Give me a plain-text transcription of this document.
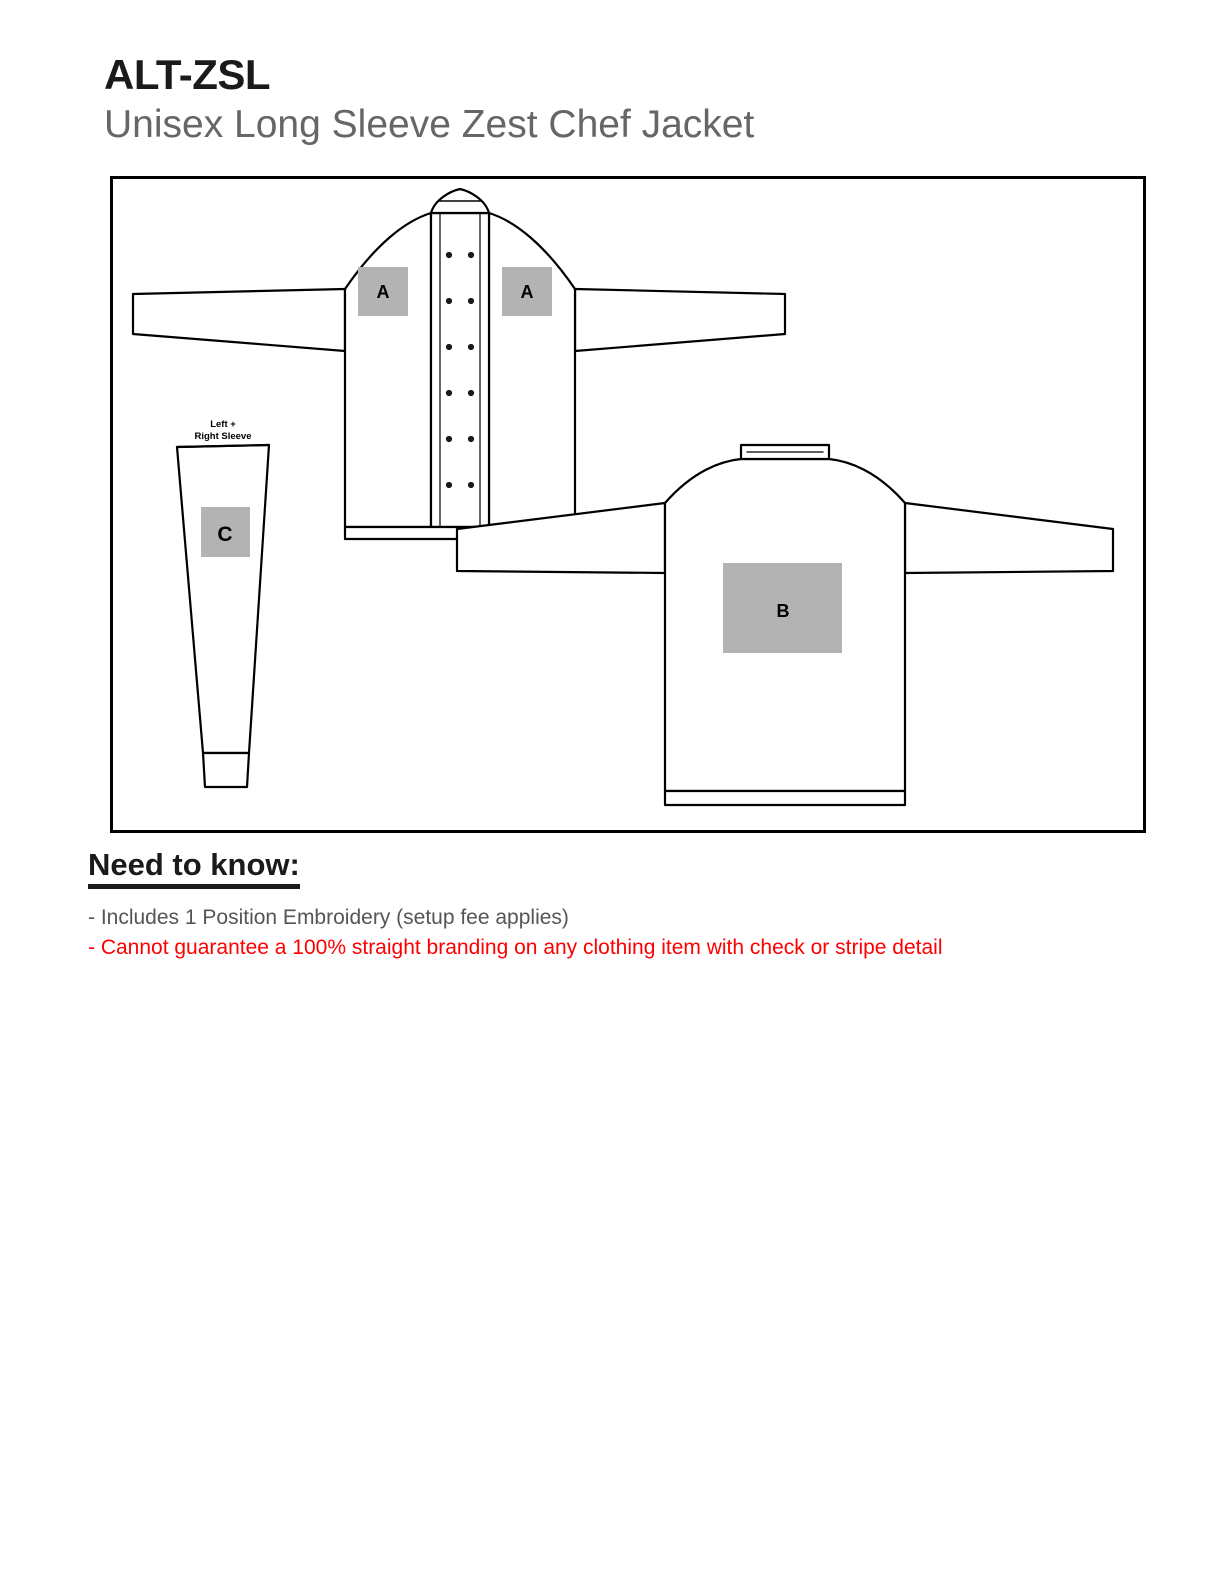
ALT-ZSL
Unisex Long Sleeve Zest Chef Jacket
A	A
C
B
Left +
Right Sleeve
Need to know:
- Includes 1 Position Embroidery (setup fee applies)
- Cannot guarantee a 100% straight branding on any clothing item with check or stripe detail
